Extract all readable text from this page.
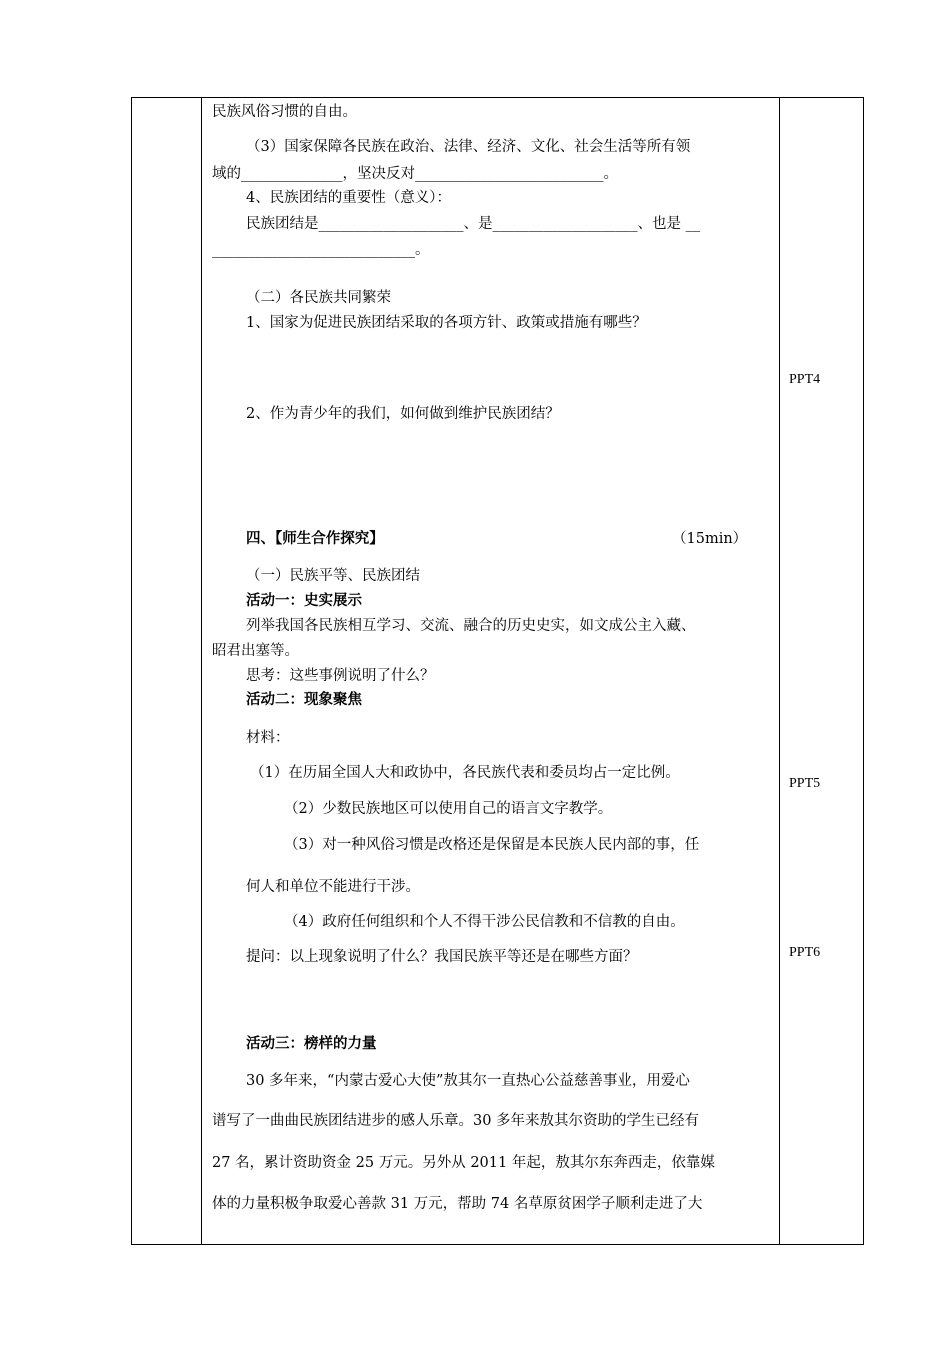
民族风俗习惯的自由。
（3）国家保障各民族在政治、法律、经济、文化、社会生活等所有领
域的______________，坚决反对__________________________。
4、民族团结的重要性（意义）：
民族团结是____________________、是____________________、也是 __
____________________________。
（二）各民族共同繁荣
1、国家为促进民族团结采取的各项方针、政策或措施有哪些？
2、作为青少年的我们，如何做到维护民族团结？
四、【师生合作探究】	（15min）
（一）民族平等、民族团结
活动一：史实展示
列举我国各民族相互学习、交流、融合的历史史实，如文成公主入藏、
昭君出塞等。
思考：这些事例说明了什么？
活动二：现象聚焦
材料：
（1）在历届全国人大和政协中，各民族代表和委员均占一定比例。
（2）少数民族地区可以使用自己的语言文字教学。
（3）对一种风俗习惯是改格还是保留是本民族人民内部的事，任
何人和单位不能进行干涉。
（4）政府任何组织和个人不得干涉公民信教和不信教的自由。
提问：以上现象说明了什么？我国民族平等还是在哪些方面？
活动三：榜样的力量
30 多年来，“内蒙古爱心大使”敖其尔一直热心公益慈善事业，用爱心
谱写了一曲曲民族团结进步的感人乐章。30 多年来敖其尔资助的学生已经有
27 名，累计资助资金 25 万元。另外从 2011 年起，敖其尔东奔西走，依靠媒
体的力量积极争取爱心善款 31 万元，帮助 74 名草原贫困学子顺利走进了大
PPT4
PPT5
PPT6
